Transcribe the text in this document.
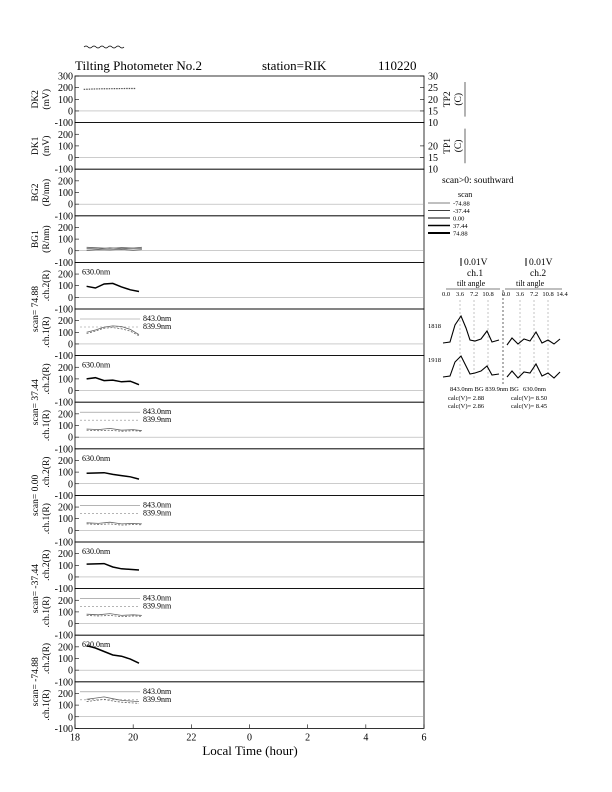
Tilting Photometer No.2	station=RIK	110220
300
200
100
0
-100
DK2 (mV)
30
25
20
15
10
TP2 (C)
200
100
0
-100
DK1 (mV)	20
15
10
TP1 (C)
200
100
0
-100
BG2 (R/nm)
200
100
0
-100
BG1 (R/nm)
200
100
0
-100
.ch.2(R)
scan= 74.88
630.0nm
200
100
0
-100
.ch.1(R)	843.0nm
839.9nm
200
100
0
-100
.ch.2(R)
scan= 37.44
630.0nm
200
100
0
-100
.ch.1(R)	843.0nm
839.9nm
200
100
0
-100
.ch.2(R)
scan= 0.00
630.0nm
200
100
0
-100
.ch.1(R)	843.0nm
839.9nm
200
100
0
-100
.ch.2(R)
scan= -37.44
630.0nm
200
100
0
-100
.ch.1(R)	843.0nm
839.9nm
200
100
0
-100
.ch.2(R)
scan= -74.88
630.0nm
200
100
0
-100
.ch.1(R)	843.0nm
839.9nm
18	20	22	0	2	4	6
Local Time (hour)
scan>0: southward
scan
-74.88
-37.44
0.00
37.44
74.88
0.01V	0.01V
ch.1	ch.2
tilt angle	tilt angle
0.0 3.6 7.2 10.8 0.0 3.6 7.2 10.8 14.4
1818
1918
843.0nm BG 839.9nm BG 630.0nm
calc(V)= 2.88
calc(V)= 2.86
calc(V)= 8.50
calc(V)= 8.45
